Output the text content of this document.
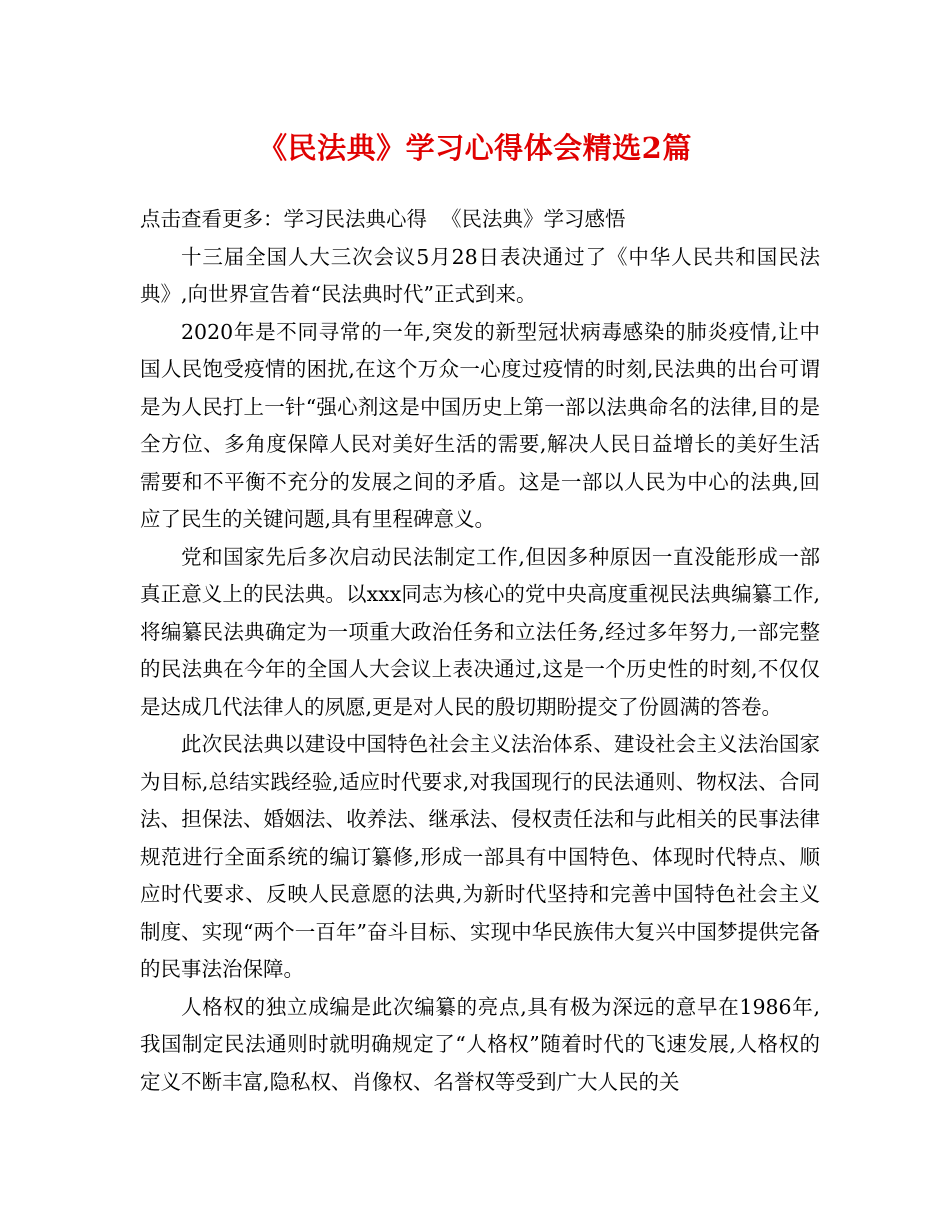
《民法典》学习心得体会精选2篇

点击查看更多：学习民法典心得 《民法典》学习感悟

十三届全国人大三次会议5月28日表决通过了《中华人民共和国民法典》,向世界宣告着“民法典时代”正式到来。

2020年是不同寻常的一年,突发的新型冠状病毒感染的肺炎疫情,让中国人民饱受疫情的困扰,在这个万众一心度过疫情的时刻,民法典的出台可谓是为人民打上一针“强心剂这是中国历史上第一部以法典命名的法律,目的是全方位、多角度保障人民对美好生活的需要,解决人民日益增长的美好生活需要和不平衡不充分的发展之间的矛盾。这是一部以人民为中心的法典,回应了民生的关键问题,具有里程碑意义。

党和国家先后多次启动民法制定工作,但因多种原因一直没能形成一部真正意义上的民法典。以xxx同志为核心的党中央高度重视民法典编纂工作,将编纂民法典确定为一项重大政治任务和立法任务,经过多年努力,一部完整的民法典在今年的全国人大会议上表决通过,这是一个历史性的时刻,不仅仅是达成几代法律人的夙愿,更是对人民的殷切期盼提交了份圆满的答卷。

此次民法典以建设中国特色社会主义法治体系、建设社会主义法治国家为目标,总结实践经验,适应时代要求,对我国现行的民法通则、物权法、合同法、担保法、婚姻法、收养法、继承法、侵权责任法和与此相关的民事法律规范进行全面系统的编订纂修,形成一部具有中国特色、体现时代特点、顺应时代要求、反映人民意愿的法典,为新时代坚持和完善中国特色社会主义制度、实现“两个一百年”奋斗目标、实现中华民族伟大复兴中国梦提供完备的民事法治保障。

人格权的独立成编是此次编纂的亮点,具有极为深远的意早在1986年,我国制定民法通则时就明确规定了“人格权”随着时代的飞速发展,人格权的定义不断丰富,隐私权、肖像权、名誉权等受到广大人民的关
